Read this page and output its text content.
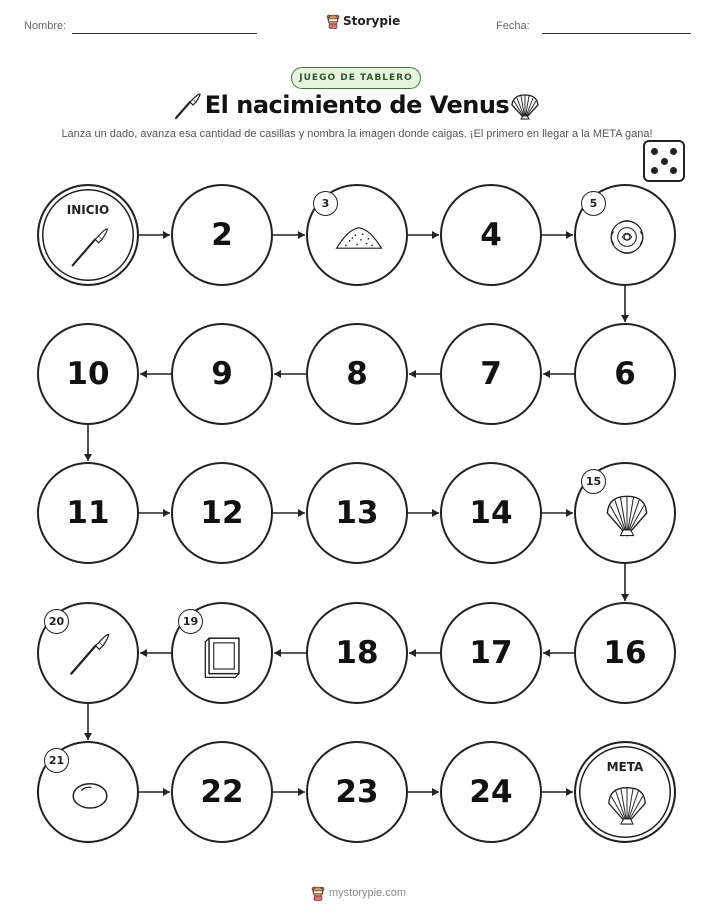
Nombre:	Storypie	Fecha:
JUEGO DE TABLERO
El nacimiento de Venus
Lanza un dado, avanza esa cantidad de casillas y nombra la imagen donde caigas. ¡El primero en llegar a la META gana!
INICIO
2
3
4
5
6
7
8
9
10
11	12	13	14
15
16
17
18
19
20
21
22	23	24
META
mystorypie.com
